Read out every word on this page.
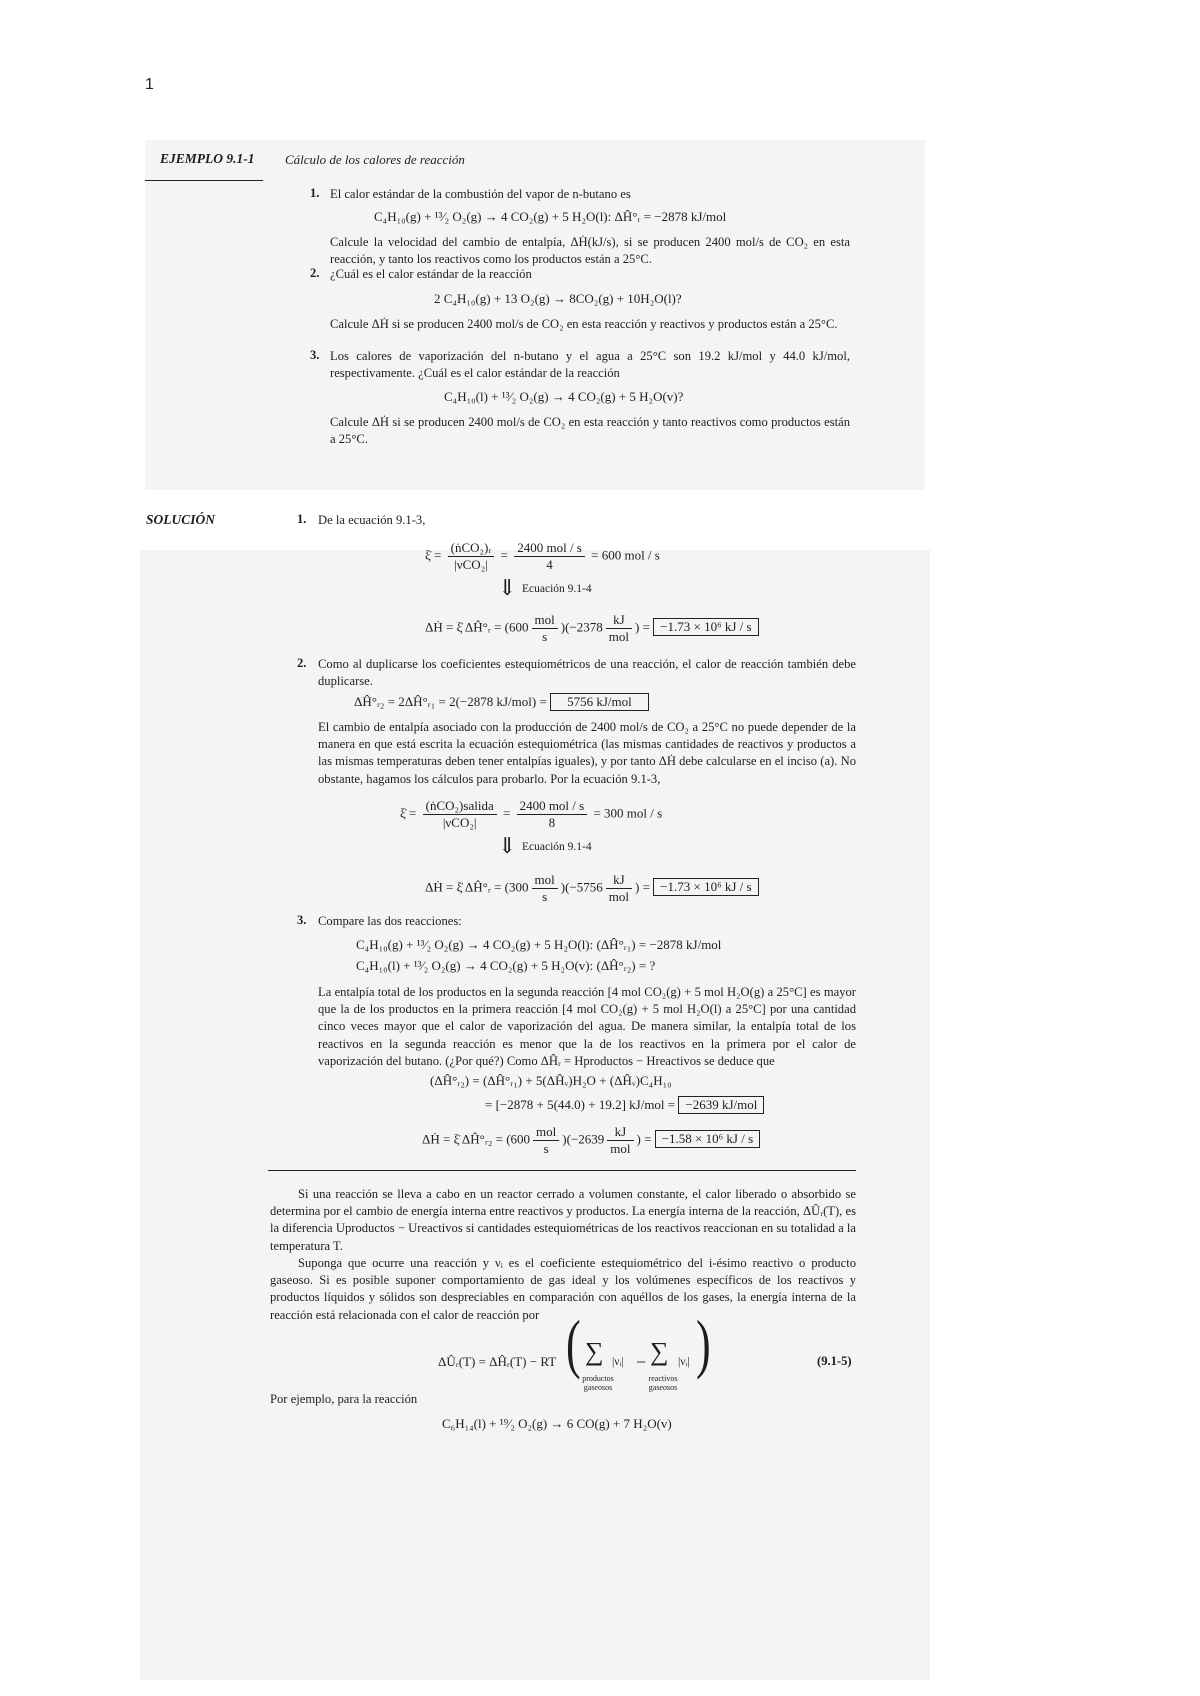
1
EJEMPLO 9.1-1 Cálculo de los calores de reacción
1. El calor estándar de la combustión del vapor de n-butano es
C₄H₁₀(g) + ¹³⁄₂ O₂(g) → 4 CO₂(g) + 5 H₂O(l): ΔĤ°ᵣ = −2878 kJ/mol
Calcule la velocidad del cambio de entalpía, ΔḢ(kJ/s), si se producen 2400 mol/s de CO₂ en esta reacción, y tanto los reactivos como los productos están a 25°C.
2. ¿Cuál es el calor estándar de la reacción
2 C₄H₁₀(g) + 13 O₂(g) → 8CO₂(g) + 10H₂O(l)?
Calcule ΔḢ si se producen 2400 mol/s de CO₂ en esta reacción y reactivos y productos están a 25°C.
3. Los calores de vaporización del n-butano y el agua a 25°C son 19.2 kJ/mol y 44.0 kJ/mol, respectivamente. ¿Cuál es el calor estándar de la reacción
C₄H₁₀(l) + ¹³⁄₂ O₂(g) → 4 CO₂(g) + 5 H₂O(v)?
Calcule ΔḢ si se producen 2400 mol/s de CO₂ en esta reacción y tanto reactivos como productos están a 25°C.
SOLUCIÓN	1. De la ecuación 9.1-3,
ξ̇ = $\frac{\text{(ṅCO₂)ᵣ}}{\text{|νCO₂|}} = \frac{\text{2400 mol / s}}{4} = 600$ mol / s
⇓ Ecuación 9.1-4
ΔḢ = ξ̇ ΔĤ°ᵣ = $(600 \frac{\text{mol}}{s} )(-2378 \frac{kJ}{\text{mol}}$ ) = −1.73 × 10⁶ kJ / s
2. Como al duplicarse los coeficientes estequiométricos de una reacción, el calor de reacción también debe duplicarse.
ΔĤ°ᵣ₂ = 2ΔĤ°ᵣ₁ = 2(−2878 kJ/mol) = 5756 kJ/mol
El cambio de entalpía asociado con la producción de 2400 mol/s de CO₂ a 25°C no puede depender de la manera en que está escrita la ecuación estequiométrica (las mismas cantidades de reactivos y productos a las mismas temperaturas deben tener entalpías iguales), y por tanto ΔḢ debe calcularse en el inciso (a). No obstante, hagamos los cálculos para probarlo. Por la ecuación 9.1-3,
ξ̇ = $\frac{\text{(ṅCO₂)salida}}{\text{|νCO₂|}} = \frac{\text{2400 mol / s}}{8} = 300$ mol / s
⇓ Ecuación 9.1-4
ΔḢ = ξ̇ ΔĤ°ᵣ = $(300 \frac{\text{mol}}{s} )(-5756 \frac{kJ}{\text{mol}}$ ) = −1.73 × 10⁶ kJ / s
3. Compare las dos reacciones:
C₄H₁₀(g) + ¹³⁄₂ O₂(g) → 4 CO₂(g) + 5 H₂O(l): (ΔĤ°ᵣ₁) = −2878 kJ/mol
C₄H₁₀(l) + ¹³⁄₂ O₂(g) → 4 CO₂(g) + 5 H₂O(v): (ΔĤ°ᵣ₂) = ?
La entalpía total de los productos en la segunda reacción [4 mol CO₂(g) + 5 mol H₂O(g) a 25°C] es mayor que la de los productos en la primera reacción [4 mol CO₂(g) + 5 mol H₂O(l) a 25°C] por una cantidad cinco veces mayor que el calor de vaporización del agua. De manera similar, la entalpía total de los reactivos en la segunda reacción es menor que la de los reactivos en la primera por el calor de vaporización del butano. (¿Por qué?) Como ΔĤᵣ = Hproductos − Hreactivos se deduce que
(ΔĤ°ᵣ₂) = (ΔĤ°ᵣ₁) + 5(ΔĤᵥ)H₂O + (ΔĤᵥ)C₄H₁₀
= [−2878 + 5(44.0) + 19.2] kJ/mol = −2639 kJ/mol
ΔḢ = ξ̇ ΔĤ°ᵣ₂ = $(600 \frac{\text{mol}}{s} )(-2639 \frac{kJ}{\text{mol}}$ ) = −1.58 × 10⁶ kJ / s
Si una reacción se lleva a cabo en un reactor cerrado a volumen constante, el calor liberado o absorbido se determina por el cambio de energía interna entre reactivos y productos. La energía interna de la reacción, ΔÛᵣ(T), es la diferencia Uproductos − Ureactivos si cantidades estequiométricas de los reactivos reaccionan en su totalidad a la temperatura T.
Suponga que ocurre una reacción y νᵢ es el coeficiente estequiométrico del i-ésimo reactivo o producto gaseoso. Si es posible suponer comportamiento de gas ideal y los volúmenes específicos de los reactivos y productos líquidos y sólidos son despreciables en comparación con aquéllos de los gases, la energía interna de la reacción está relacionada con el calor de reacción por
ΔÛᵣ(T) = ΔĤᵣ(T) − RT ( ∑ |νᵢ|
productos gaseosos
− ∑ |νᵢ|
reactivos gaseosos
)	(9.1-5)
Por ejemplo, para la reacción
C₆H₁₄(l) + ¹⁹⁄₂ O₂(g) → 6 CO(g) + 7 H₂O(v)
